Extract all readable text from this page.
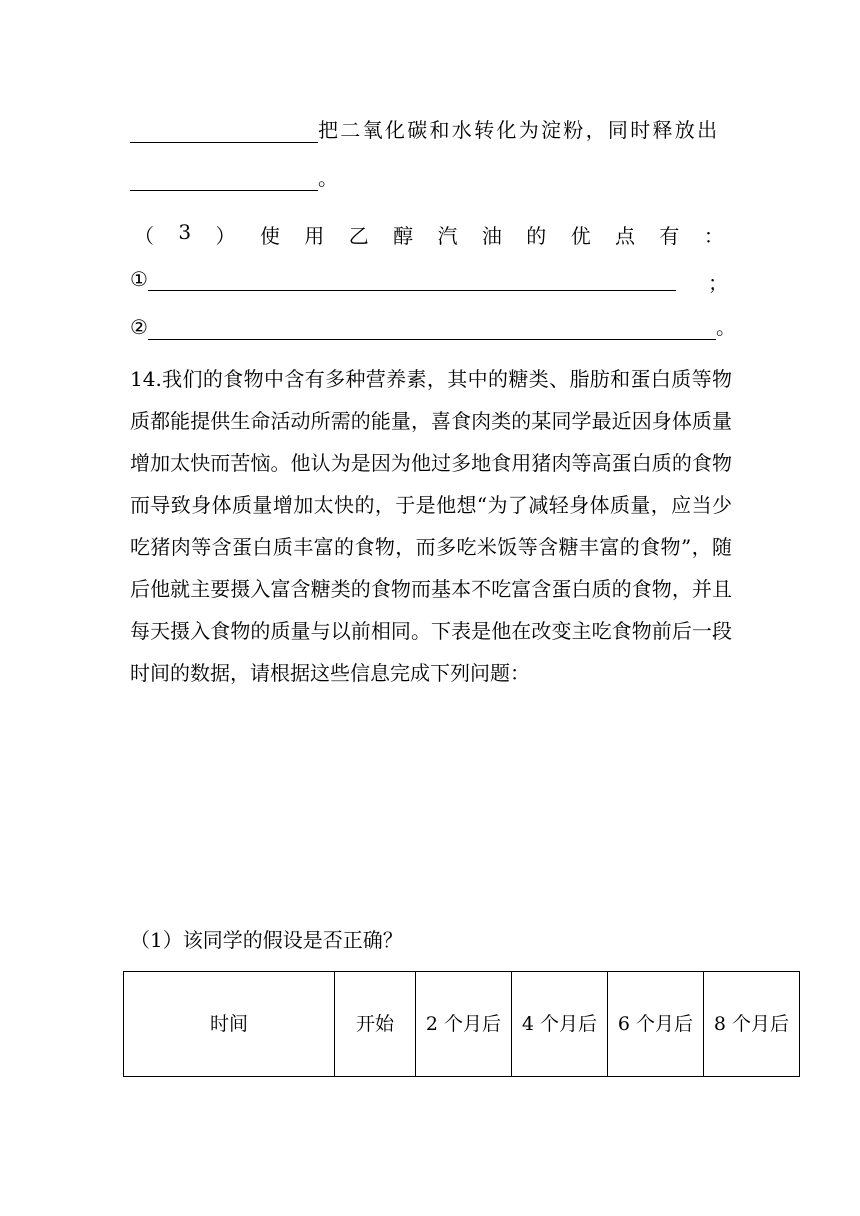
把二氧化碳和水转化为淀粉，同时释放出
。
（ 3 ） 使 用 乙 醇 汽 油 的 优 点 有 ：
①	；
②	。
14.我们的食物中含有多种营养素，其中的糖类、脂肪和蛋白质等物质都能提供生命活动所需的能量，喜食肉类的某同学最近因身体质量增加太快而苦恼。他认为是因为他过多地食用猪肉等高蛋白质的食物而导致身体质量增加太快的，于是他想“为了减轻身体质量，应当少吃猪肉等含蛋白质丰富的食物，而多吃米饭等含糖丰富的食物”，随后他就主要摄入富含糖类的食物而基本不吃富含蛋白质的食物，并且每天摄入食物的质量与以前相同。下表是他在改变主吃食物前后一段时间的数据，请根据这些信息完成下列问题：
（1）该同学的假设是否正确？
时间	开始	2 个月后	4 个月后	6 个月后	8 个月后
